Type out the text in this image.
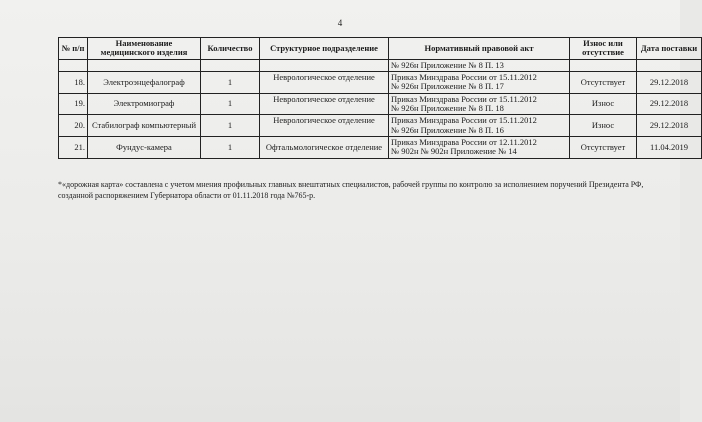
4
№ п/п	Наименование медицинского изделия	Количество	Структурное подразделение	Нормативный правовой акт	Износ или отсутствие	Дата поставки
				№ 926н Приложение № 8 П. 13		
18.	Электроэнцефалограф	1	Неврологическое отделение	Приказ Минздрава России от 15.11.2012
№ 926н Приложение № 8 П. 17	Отсутствует	29.12.2018
19.	Электромиограф	1	Неврологическое отделение	Приказ Минздрава России от 15.11.2012
№ 926н Приложение № 8 П. 18	Износ	29.12.2018
20.	Стабилограф компьютерный	1	Неврологическое отделение	Приказ Минздрава России от 15.11.2012
№ 926н Приложение № 8 П. 16	Износ	29.12.2018
21.	Фундус-камера	1	Офтальмологическое отделение	Приказ Минздрава России от 12.11.2012
№ 902н № 902н Приложение № 14	Отсутствует	11.04.2019
*«дорожная карта» составлена с учетом мнения профильных главных внештатных специалистов, рабочей группы по контролю за исполнением поручений Президента РФ, созданной распоряжением Губернатора области от 01.11.2018 года №765-р.
